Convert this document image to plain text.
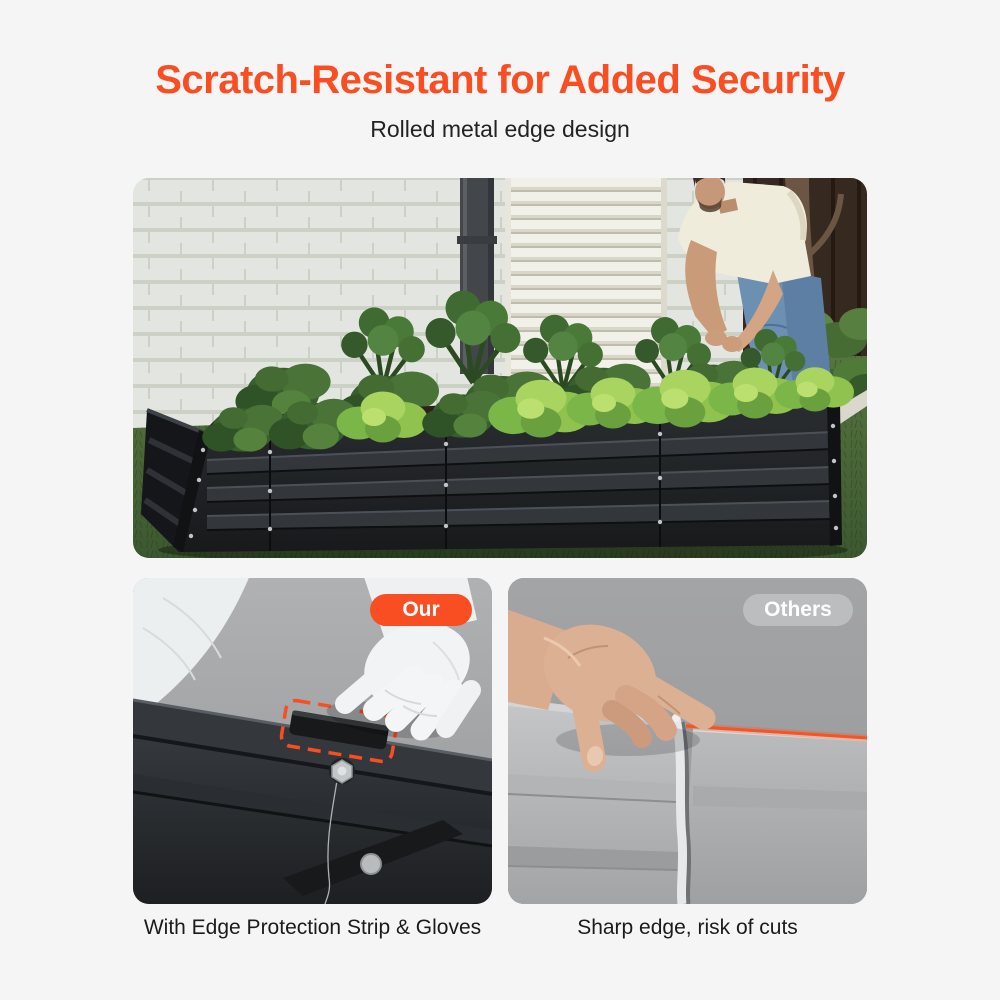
Scratch-Resistant for Added Security

Rolled metal edge design

Our	Others

With Edge Protection Strip & Gloves	Sharp edge, risk of cuts
